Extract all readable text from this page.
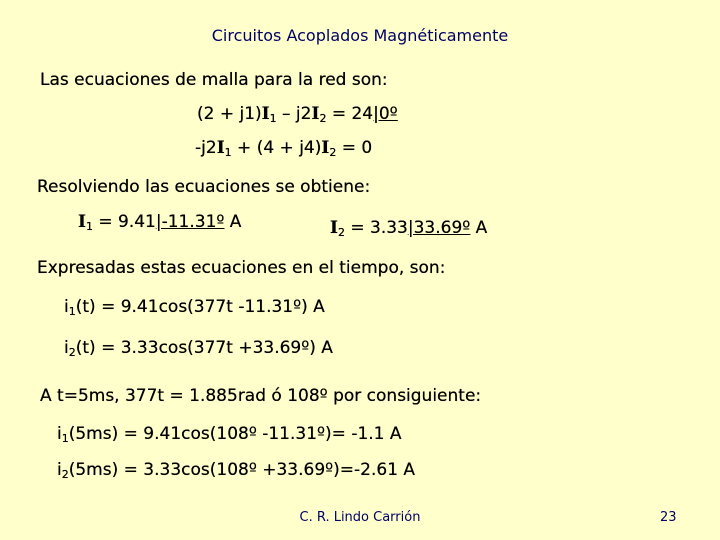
Circuitos Acoplados Magnéticamente
Las ecuaciones de malla para la red son:
$(2 + j1)I_1 - j2I_2$ = 24|0º
$-j2I_1 + (4 + j4)I_2 = 0$
Resolviendo las ecuaciones se obtiene:
$I_1$ = 9.41|-11.31º A	$I_2$ = 3.33|33.69º A
Expresadas estas ecuaciones en el tiempo, son:
$i_1(t) = 9.41\cos(377t$ -11.31º) A
$i_2(t) = 3.33\cos(377t$ +33.69º) A
A t=5ms, 377t = 1.885rad ó 108º por consiguiente:
$i_1(5ms)$ = 9.41cos(108º -11.31º)= -1.1 A
$i_2(5ms)$ = 3.33cos(108º +33.69º)=-2.61 A
C. R. Lindo Carrión	23
